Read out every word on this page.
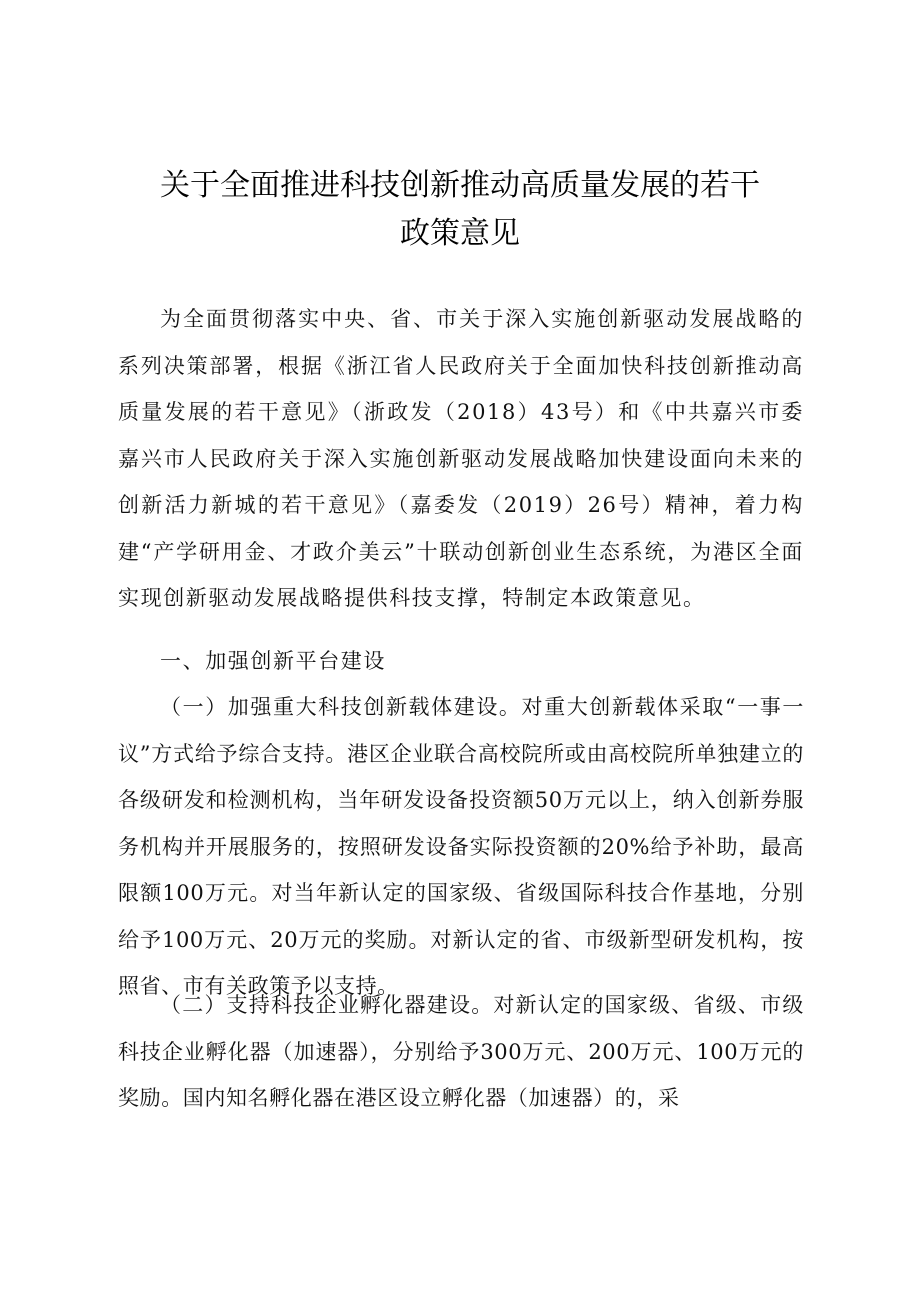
关于全面推进科技创新推动高质量发展的若干
政策意见

为全面贯彻落实中央、省、市关于深入实施创新驱动发展战略的系列决策部署，根据《浙江省人民政府关于全面加快科技创新推动高质量发展的若干意见》（浙政发（2018）43号）和《中共嘉兴市委嘉兴市人民政府关于深入实施创新驱动发展战略加快建设面向未来的创新活力新城的若干意见》（嘉委发（2019）26号）精神，着力构建“产学研用金、才政介美云”十联动创新创业生态系统，为港区全面实现创新驱动发展战略提供科技支撑，特制定本政策意见。

一、加强创新平台建设

（一）加强重大科技创新载体建设。对重大创新载体采取“一事一议”方式给予综合支持。港区企业联合高校院所或由高校院所单独建立的各级研发和检测机构，当年研发设备投资额50万元以上，纳入创新券服务机构并开展服务的，按照研发设备实际投资额的20%给予补助，最高限额100万元。对当年新认定的国家级、省级国际科技合作基地，分别给予100万元、20万元的奖励。对新认定的省、市级新型研发机构，按照省、市有关政策予以支持。

（二）支持科技企业孵化器建设。对新认定的国家级、省级、市级科技企业孵化器（加速器），分别给予300万元、200万元、100万元的奖励。国内知名孵化器在港区设立孵化器（加速器）的，采
